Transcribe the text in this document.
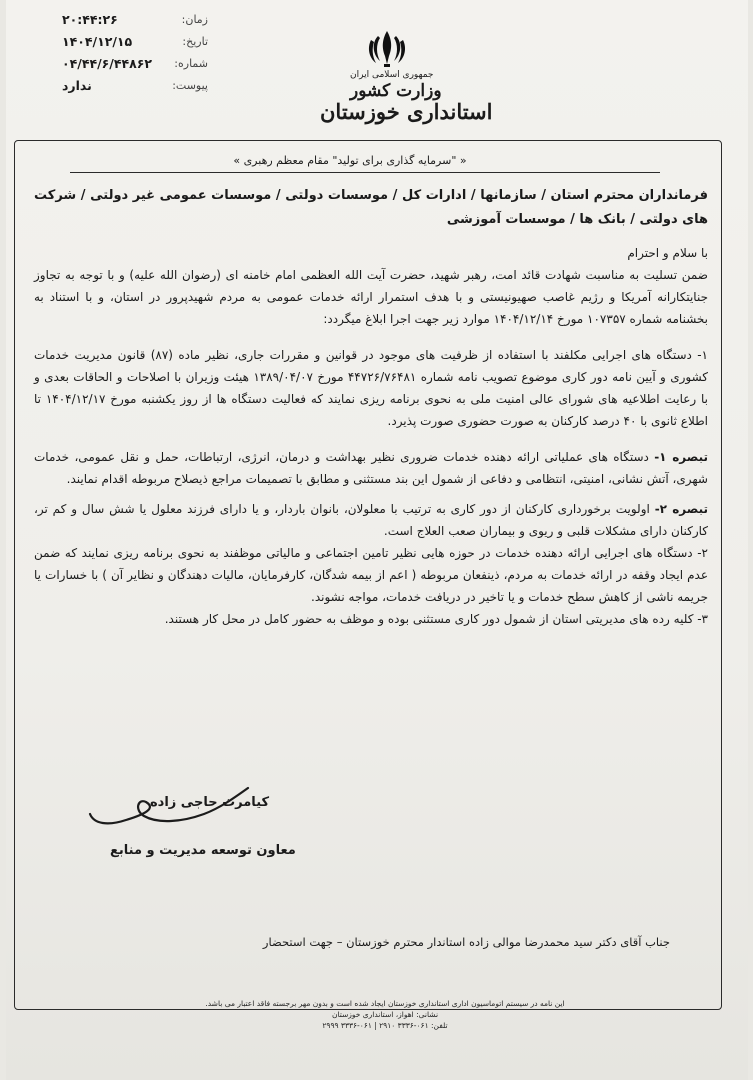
زمان:
۲۰:۴۴:۲۶
تاریخ:
۱۴۰۴/۱۲/۱۵
شماره:
۰۴/۴۴/۶/۴۴۸۶۲
پیوست:
ندارد
جمهوری اسلامی ایران
وزارت کشور
استانداری خوزستان
« "سرمایه گذاری برای تولید" مقام معظم رهبری »
فرمانداران محترم استان / سازمانها / ادارات کل / موسسات دولتی / موسسات عمومی غیر دولتی / شرکت های دولتی / بانک ها / موسسات آموزشی
با سلام و احترام
ضمن تسلیت به مناسبت شهادت قائد امت، رهبر شهید، حضرت آیت الله العظمی امام خامنه ای (رضوان الله علیه) و با توجه به تجاوز جنایتکارانه آمریکا و رژیم غاصب صهیونیستی و با هدف استمرار ارائه خدمات عمومی به مردم شهیدپرور در استان، و با استناد به بخشنامه شماره ۱۰۷۳۵۷ مورخ ۱۴۰۴/۱۲/۱۴ موارد زیر جهت اجرا ابلاغ میگردد:
۱- دستگاه های اجرایی مکلفند با استفاده از ظرفیت های موجود در قوانین و مقررات جاری، نظیر ماده (۸۷) قانون مدیریت خدمات کشوری و آیین نامه دور کاری موضوع تصویب نامه شماره ۴۴۷۲۶/۷۶۴۸۱ مورخ ۱۳۸۹/۰۴/۰۷ هیئت وزیران با اصلاحات و الحاقات بعدی و با رعایت اطلاعیه های شورای عالی امنیت ملی به نحوی برنامه ریزی نمایند که فعالیت دستگاه ها از روز یکشنبه مورخ ۱۴۰۴/۱۲/۱۷ تا اطلاع ثانوی با ۴۰ درصد کارکنان به صورت حضوری صورت پذیرد.
تبصره ۱- دستگاه های عملیاتی ارائه دهنده خدمات ضروری نظیر بهداشت و درمان، انرژی، ارتباطات، حمل و نقل عمومی، خدمات شهری، آتش نشانی، امنیتی، انتظامی و دفاعی از شمول این بند مستثنی و مطابق با تصمیمات مراجع ذیصلاح مربوطه اقدام نمایند.
تبصره ۲- اولویت برخورداری کارکنان از دور کاری به ترتیب با معلولان، بانوان باردار، و یا دارای فرزند معلول یا شش سال و کم تر، کارکنان دارای مشکلات قلبی و ریوی و بیماران صعب العلاج است.
۲- دستگاه های اجرایی ارائه دهنده خدمات در حوزه هایی نظیر تامین اجتماعی و مالیاتی موظفند به نحوی برنامه ریزی نمایند که ضمن عدم ایجاد وقفه در ارائه خدمات به مردم، ذینفعان مربوطه ( اعم از بیمه شدگان، کارفرمایان، مالیات دهندگان و نظایر آن ) با خسارات یا جریمه ناشی از کاهش سطح خدمات و یا تاخیر در دریافت خدمات، مواجه نشوند.
۳- کلیه رده های مدیریتی استان از شمول دور کاری مستثنی بوده و موظف به حضور کامل در محل کار هستند.
کیامرث حاجی زاده
معاون توسعه مدیریت و منابع
جناب آقای دکتر سید محمدرضا موالی زاده استاندار محترم خوزستان – جهت استحضار
این نامه در سیستم اتوماسیون اداری استانداری خوزستان ایجاد شده است و بدون مهر برجسته فاقد اعتبار می باشد.
نشانی: اهواز، استانداری خوزستان
تلفن: ۰۶۱-۳۳۳۶ ۲۹۱۰ | ۰۶۱-۳۳۳۶ ۲۹۹۹
